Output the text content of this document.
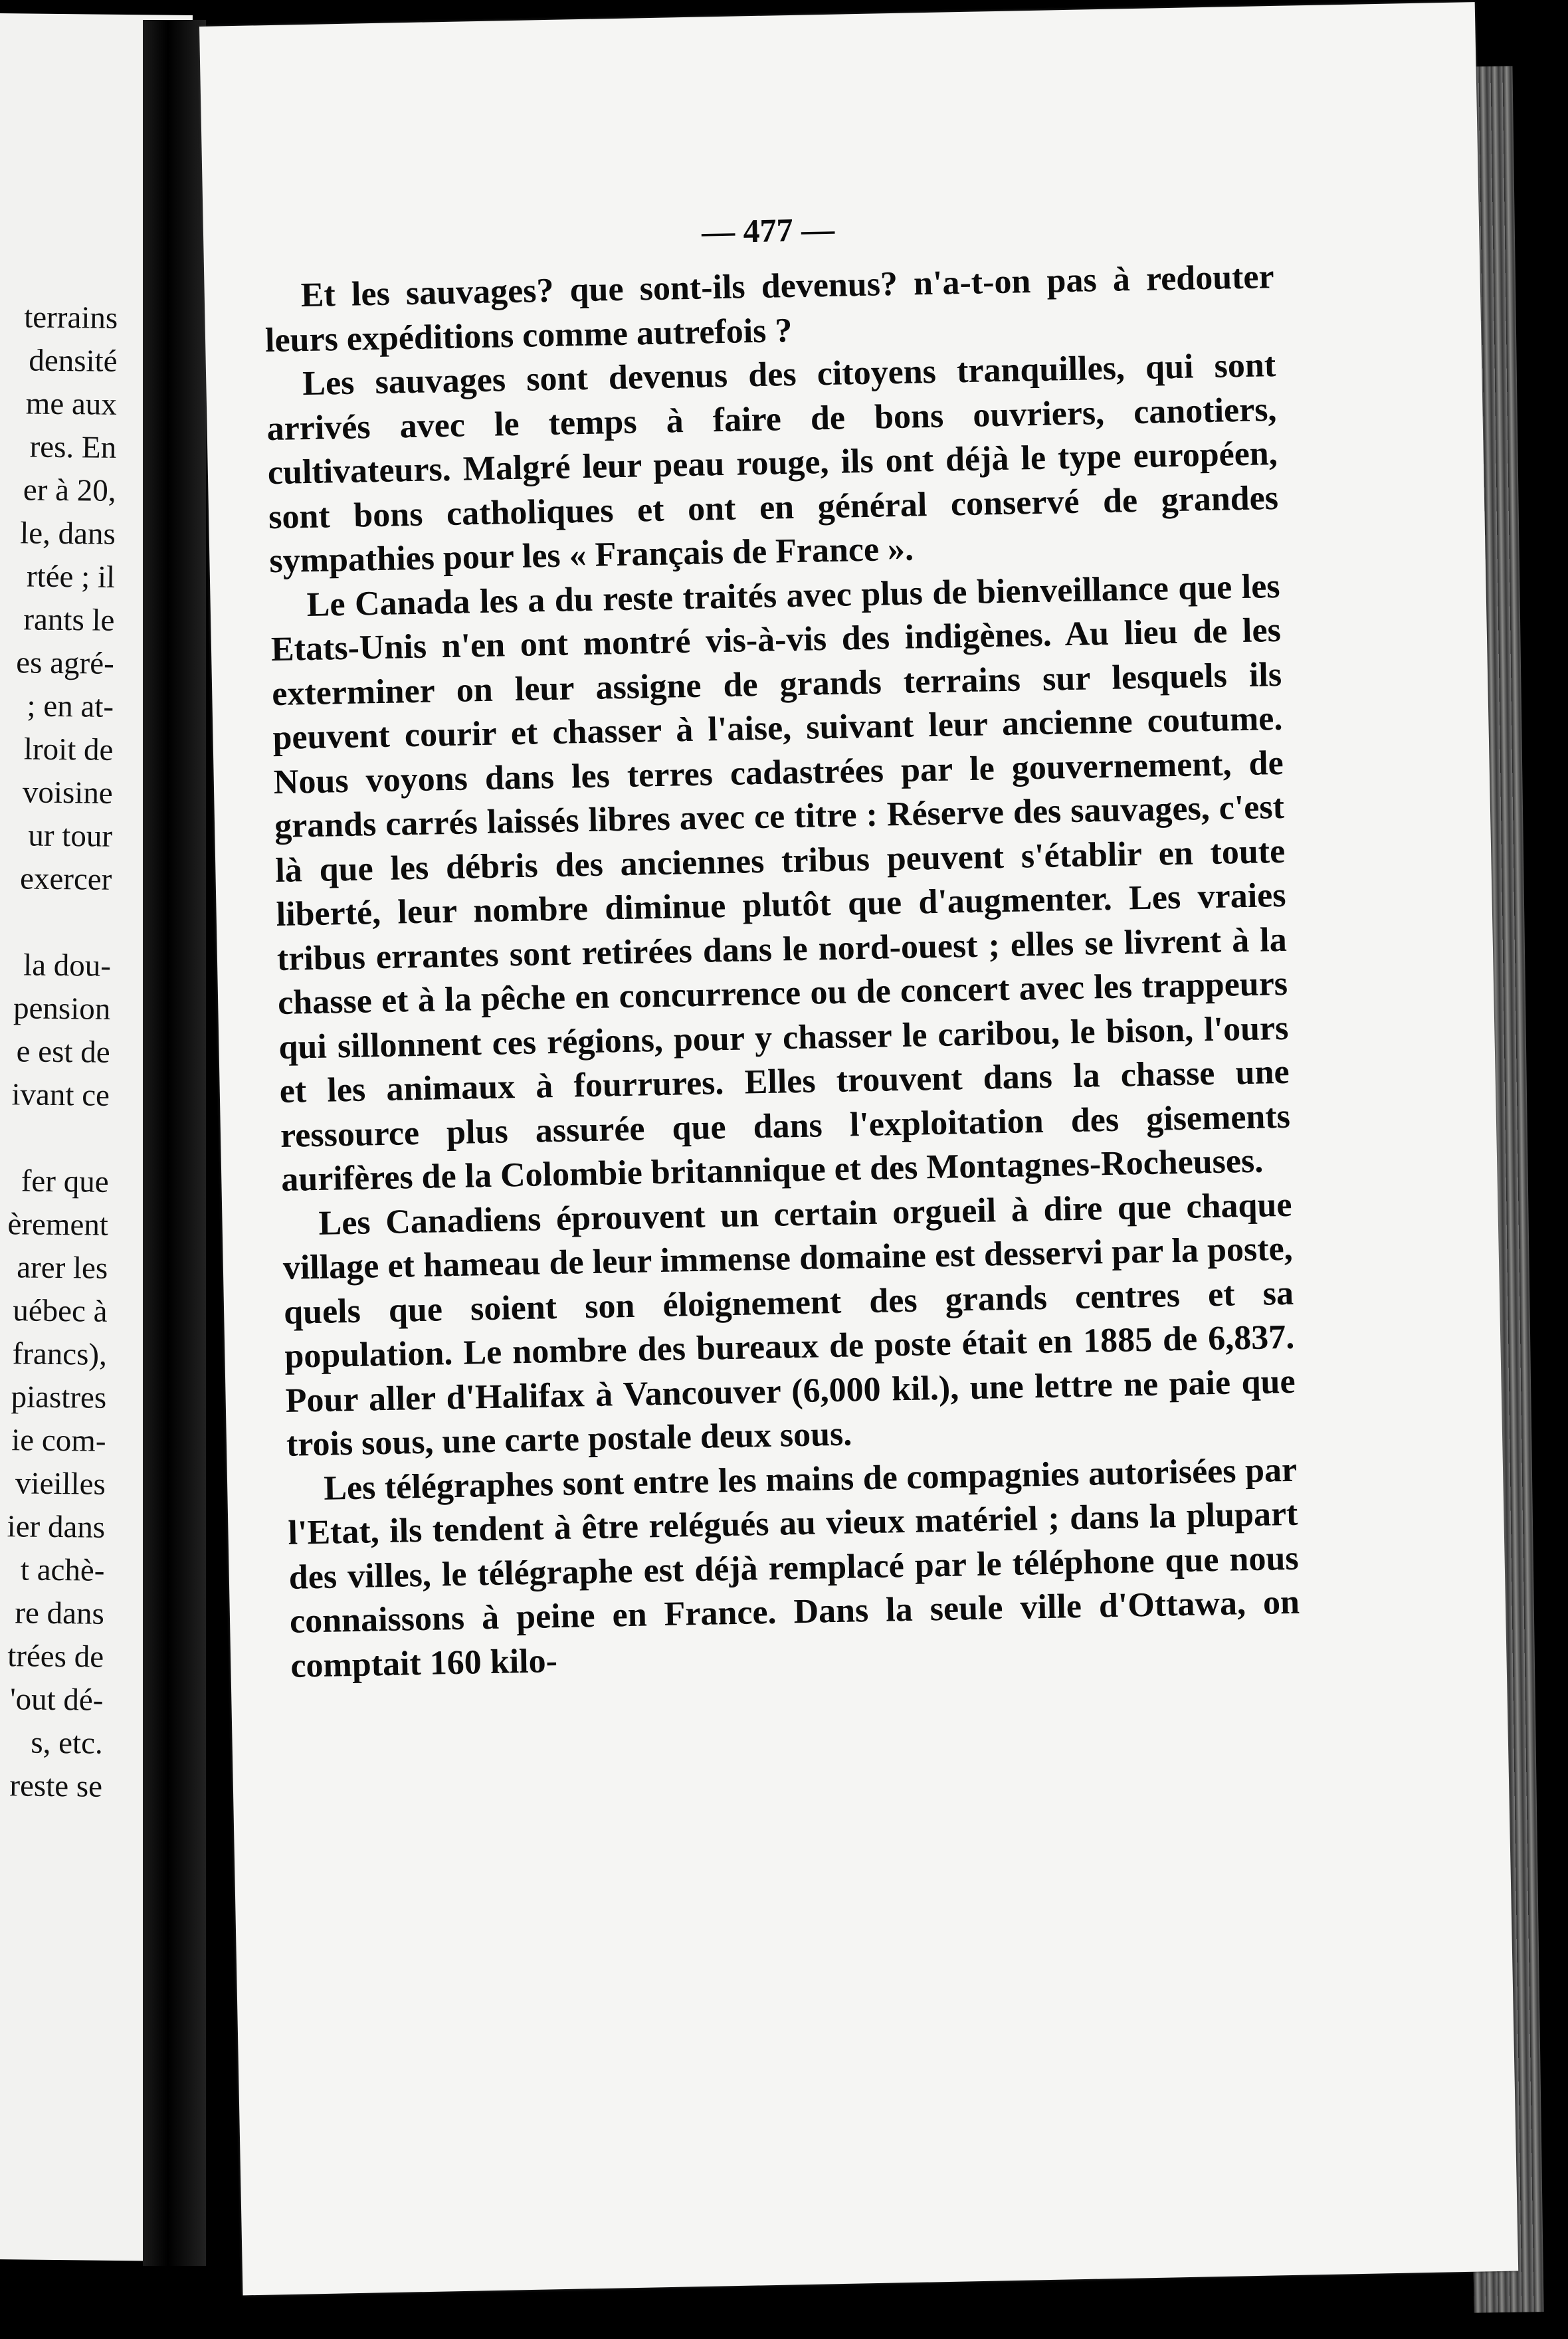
terrains
densité
me aux
res. En
er à 20,
le, dans
rtée ; il
rants le
es agré-
; en at-
lroit de
voisine
ur tour
exercer
la dou-
pension
e est de
ivant ce
fer que
èrement
arer les
uébec à
francs),
piastres
ie com-
vieilles
ier dans
t achè-
re dans
trées de
'out dé-
s, etc.
reste se
— 477 —

Et les sauvages? que sont-ils devenus? n'a-t-on pas à redouter leurs expéditions comme autrefois ?

Les sauvages sont devenus des citoyens tranquilles, qui sont arrivés avec le temps à faire de bons ouvriers, canotiers, cultivateurs. Malgré leur peau rouge, ils ont déjà le type européen, sont bons catholiques et ont en général conservé de grandes sympathies pour les « Français de France ».

Le Canada les a du reste traités avec plus de bienveillance que les Etats-Unis n'en ont montré vis-à-vis des indigènes. Au lieu de les exterminer on leur assigne de grands terrains sur lesquels ils peuvent courir et chasser à l'aise, suivant leur ancienne coutume. Nous voyons dans les terres cadastrées par le gouvernement, de grands carrés laissés libres avec ce titre : Réserve des sauvages, c'est là que les débris des anciennes tribus peuvent s'établir en toute liberté, leur nombre diminue plutôt que d'augmenter. Les vraies tribus errantes sont retirées dans le nord-ouest ; elles se livrent à la chasse et à la pêche en concurrence ou de concert avec les trappeurs qui sillonnent ces régions, pour y chasser le caribou, le bison, l'ours et les animaux à fourrures. Elles trouvent dans la chasse une ressource plus assurée que dans l'exploitation des gisements aurifères de la Colombie britannique et des Montagnes-Rocheuses.

Les Canadiens éprouvent un certain orgueil à dire que chaque village et hameau de leur immense domaine est desservi par la poste, quels que soient son éloignement des grands centres et sa population. Le nombre des bureaux de poste était en 1885 de 6,837. Pour aller d'Halifax à Vancouver (6,000 kil.), une lettre ne paie que trois sous, une carte postale deux sous.

Les télégraphes sont entre les mains de compagnies autorisées par l'Etat, ils tendent à être relégués au vieux matériel ; dans la plupart des villes, le télégraphe est déjà remplacé par le téléphone que nous connaissons à peine en France. Dans la seule ville d'Ottawa, on comptait 160 kilo-
